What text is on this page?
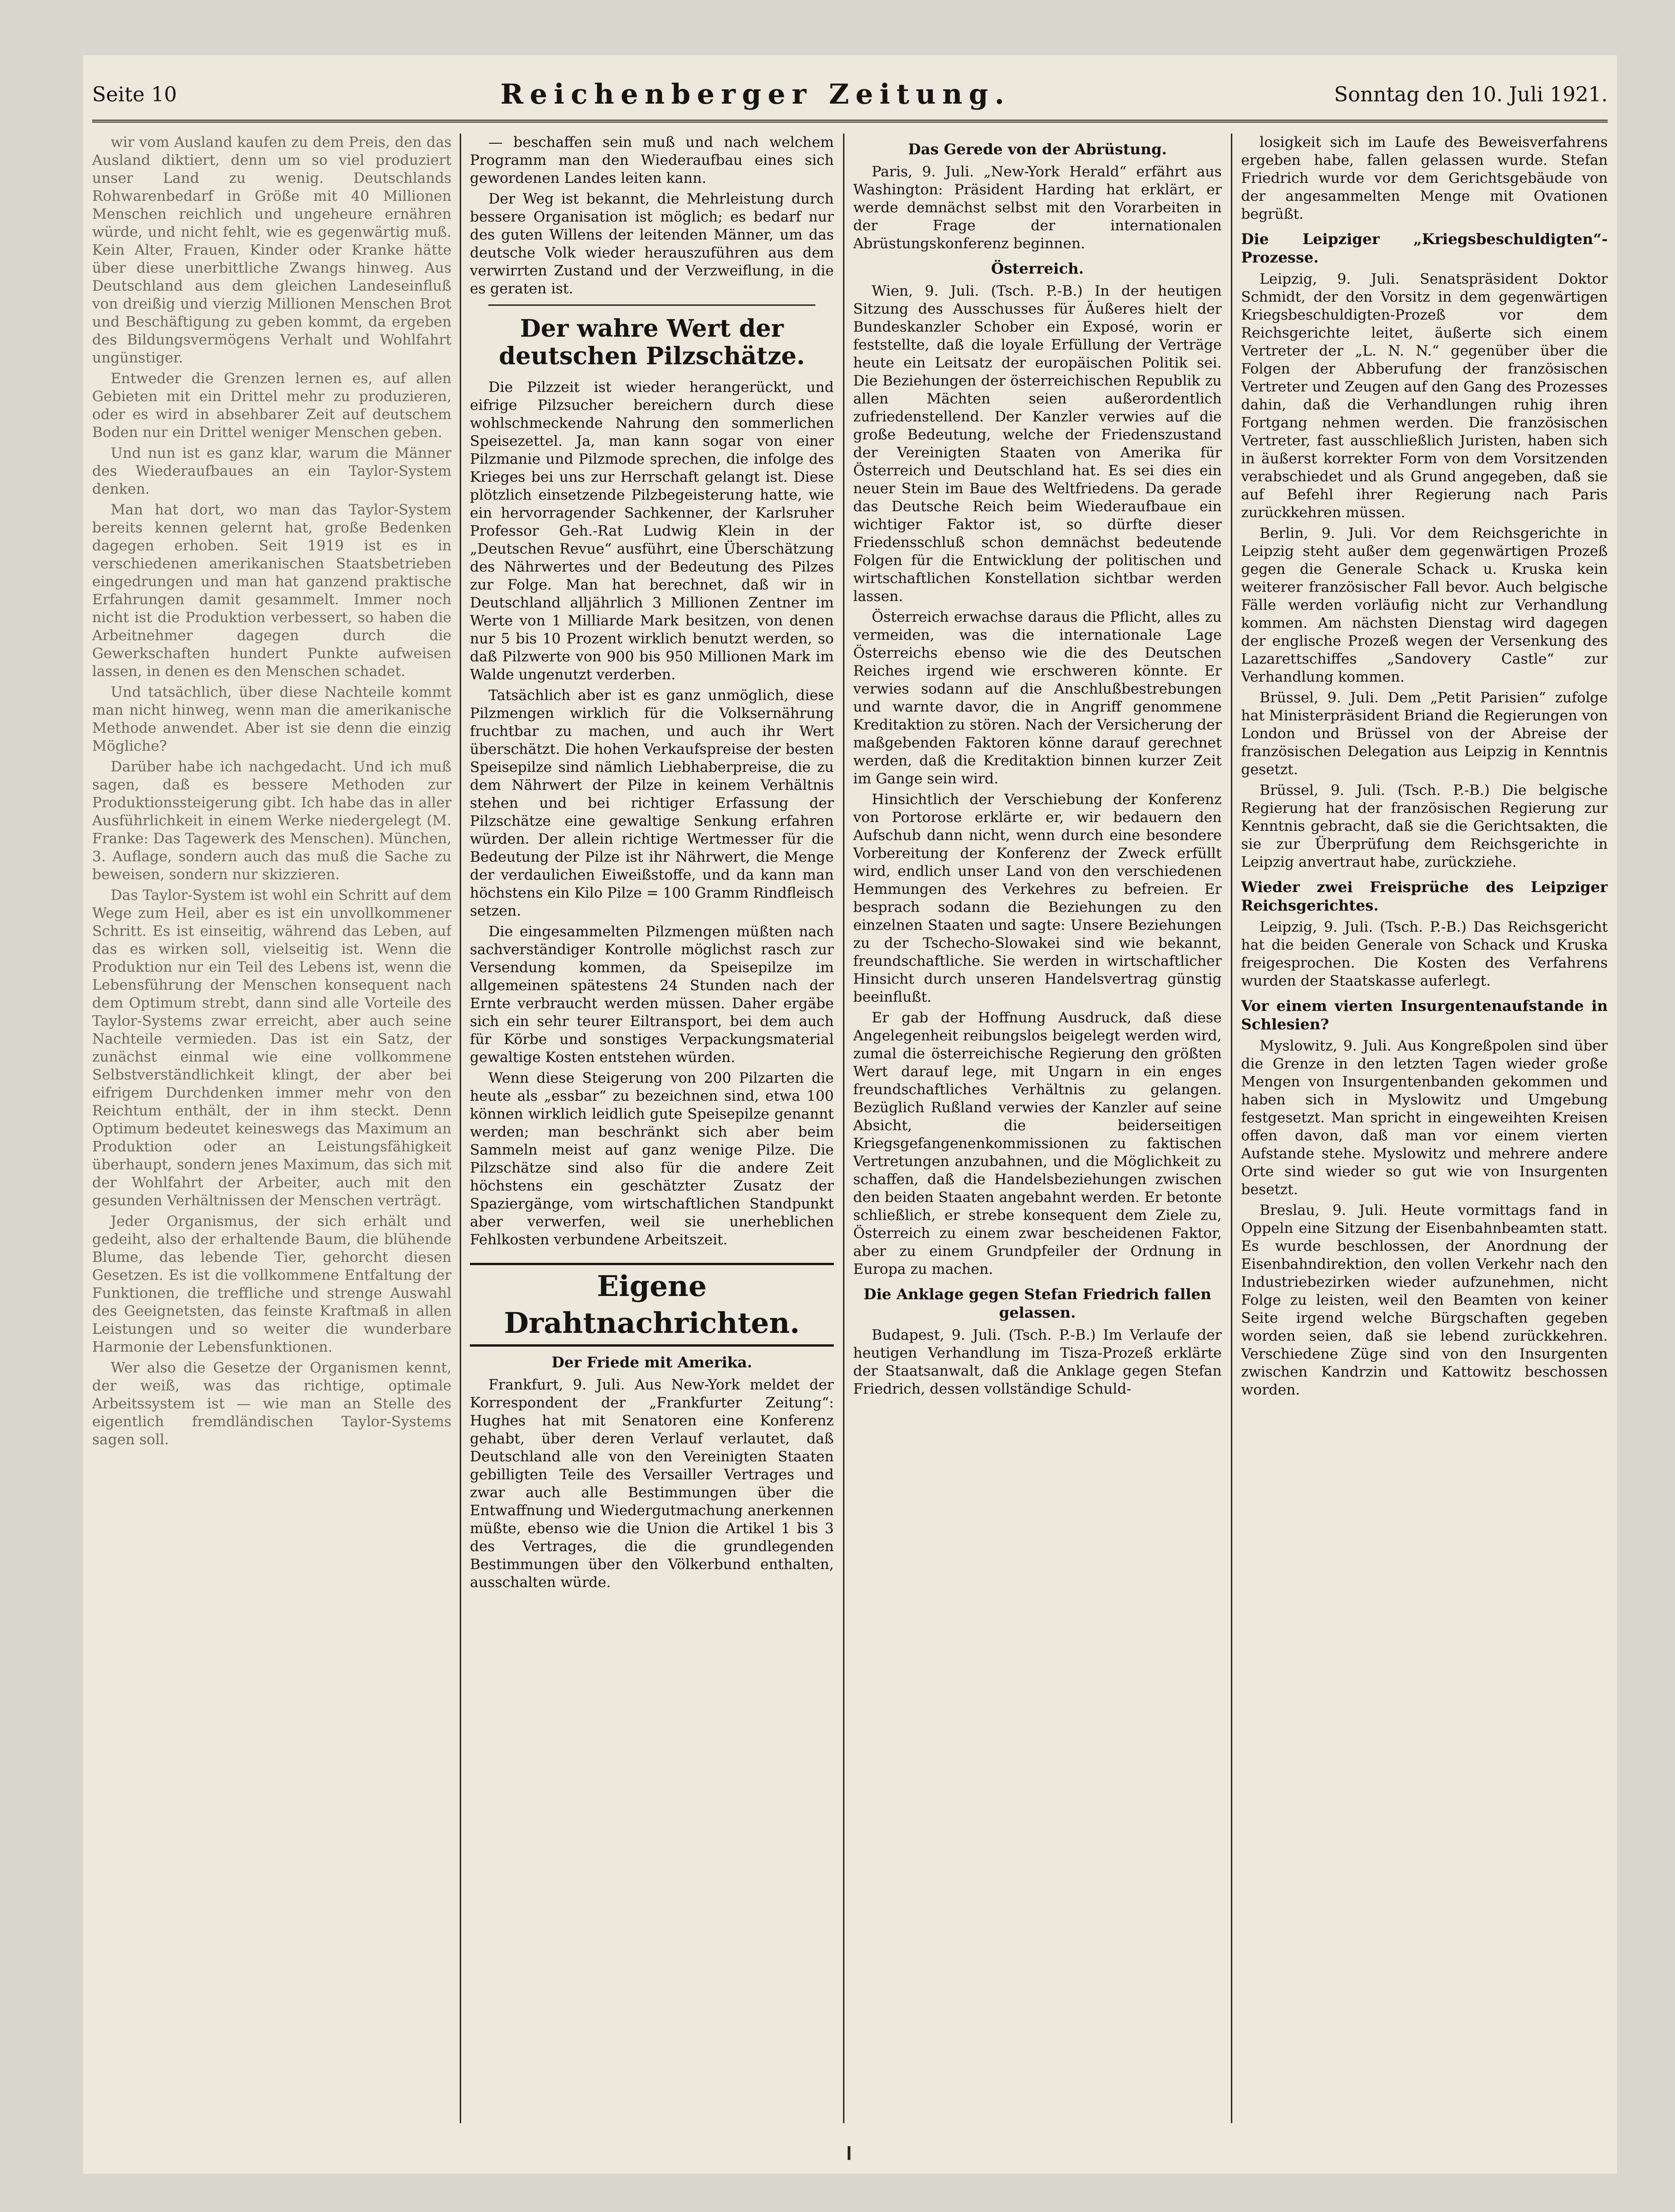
Seite 10	Reichenberger Zeitung.	Sonntag den 10. Juli 1921.

wir vom Ausland kaufen zu dem Preis, den das Ausland diktiert, denn um so viel produziert unser Land zu wenig. Deutschlands Rohwarenbedarf in Größe mit 40 Millionen Menschen reichlich und ungeheure ernähren würde, und nicht fehlt, wie es gegenwärtig muß. Kein Alter, Frauen, Kinder oder Kranke hätte über diese unerbittliche Zwangs hinweg. Aus Deutschland aus dem gleichen Landeseinfluß von dreißig und vierzig Millionen Menschen Brot und Beschäftigung zu geben kommt, da ergeben des Bildungsvermögens Verhalt und Wohlfahrt ungünstiger.

Entweder die Grenzen lernen es, auf allen Gebieten mit ein Drittel mehr zu produzieren, oder es wird in absehbarer Zeit auf deutschem Boden nur ein Drittel weniger Menschen geben.

Und nun ist es ganz klar, warum die Männer des Wiederaufbaues an ein Taylor-System denken.

Man hat dort, wo man das Taylor-System bereits kennen gelernt hat, große Bedenken dagegen erhoben. Seit 1919 ist es in verschiedenen amerikanischen Staatsbetrieben eingedrungen und man hat ganzend praktische Erfahrungen damit gesammelt. Immer noch nicht ist die Produktion verbessert, so haben die Arbeitnehmer dagegen durch die Gewerkschaften hundert Punkte aufweisen lassen, in denen es den Menschen schadet.

Und tatsächlich, über diese Nachteile kommt man nicht hinweg, wenn man die amerikanische Methode anwendet. Aber ist sie denn die einzig Mögliche?

Darüber habe ich nachgedacht. Und ich muß sagen, daß es bessere Methoden zur Produktionssteigerung gibt. Ich habe das in aller Ausführlichkeit in einem Werke niedergelegt (M. Franke: Das Tagewerk des Menschen). München, 3. Auflage, sondern auch das muß die Sache zu beweisen, sondern nur skizzieren.

Das Taylor-System ist wohl ein Schritt auf dem Wege zum Heil, aber es ist ein unvollkommener Schritt. Es ist einseitig, während das Leben, auf das es wirken soll, vielseitig ist. Wenn die Produktion nur ein Teil des Lebens ist, wenn die Lebensführung der Menschen konsequent nach dem Optimum strebt, dann sind alle Vorteile des Taylor-Systems zwar erreicht, aber auch seine Nachteile vermieden. Das ist ein Satz, der zunächst einmal wie eine vollkommene Selbstverständlichkeit klingt, der aber bei eifrigem Durchdenken immer mehr von den Reichtum enthält, der in ihm steckt. Denn Optimum bedeutet keineswegs das Maximum an Produktion oder an Leistungsfähigkeit überhaupt, sondern jenes Maximum, das sich mit der Wohlfahrt der Arbeiter, auch mit den gesunden Verhältnissen der Menschen verträgt.

Jeder Organismus, der sich erhält und gedeiht, also der erhaltende Baum, die blühende Blume, das lebende Tier, gehorcht diesen Gesetzen. Es ist die vollkommene Entfaltung der Funktionen, die treffliche und strenge Auswahl des Geeignetsten, das feinste Kraftmaß in allen Leistungen und so weiter die wunderbare Harmonie der Lebensfunktionen.

Wer also die Gesetze der Organismen kennt, der weiß, was das richtige, optimale Arbeitssystem ist — wie man an Stelle des eigentlich fremdländischen Taylor-Systems sagen soll.

— beschaffen sein muß und nach welchem Programm man den Wiederaufbau eines sich gewordenen Landes leiten kann.

Der Weg ist bekannt, die Mehrleistung durch bessere Organisation ist möglich; es bedarf nur des guten Willens der leitenden Männer, um das deutsche Volk wieder herauszuführen aus dem verwirrten Zustand und der Verzweiflung, in die es geraten ist.

Der wahre Wert der deutschen Pilzschätze.

Die Pilzzeit ist wieder herangerückt, und eifrige Pilzsucher bereichern durch diese wohlschmeckende Nahrung den sommerlichen Speisezettel. Ja, man kann sogar von einer Pilzmanie und Pilzmode sprechen, die infolge des Krieges bei uns zur Herrschaft gelangt ist. Diese plötzlich einsetzende Pilzbegeisterung hatte, wie ein hervorragender Sachkenner, der Karlsruher Professor Geh.-Rat Ludwig Klein in der „Deutschen Revue“ ausführt, eine Überschätzung des Nährwertes und der Bedeutung des Pilzes zur Folge. Man hat berechnet, daß wir in Deutschland alljährlich 3 Millionen Zentner im Werte von 1 Milliarde Mark besitzen, von denen nur 5 bis 10 Prozent wirklich benutzt werden, so daß Pilzwerte von 900 bis 950 Millionen Mark im Walde ungenutzt verderben.

Tatsächlich aber ist es ganz unmöglich, diese Pilzmengen wirklich für die Volksernährung fruchtbar zu machen, und auch ihr Wert überschätzt. Die hohen Verkaufspreise der besten Speisepilze sind nämlich Liebhaberpreise, die zu dem Nährwert der Pilze in keinem Verhältnis stehen und bei richtiger Erfassung der Pilzschätze eine gewaltige Senkung erfahren würden. Der allein richtige Wertmesser für die Bedeutung der Pilze ist ihr Nährwert, die Menge der verdaulichen Eiweißstoffe, und da kann man höchstens ein Kilo Pilze = 100 Gramm Rindfleisch setzen.

Die eingesammelten Pilzmengen müßten nach sachverständiger Kontrolle möglichst rasch zur Versendung kommen, da Speisepilze im allgemeinen spätestens 24 Stunden nach der Ernte verbraucht werden müssen. Daher ergäbe sich ein sehr teurer Eiltransport, bei dem auch für Körbe und sonstiges Verpackungsmaterial gewaltige Kosten entstehen würden.

Wenn diese Steigerung von 200 Pilzarten die heute als „essbar“ zu bezeichnen sind, etwa 100 können wirklich leidlich gute Speisepilze genannt werden; man beschränkt sich aber beim Sammeln meist auf ganz wenige Pilze. Die Pilzschätze sind also für die andere Zeit höchstens ein geschätzter Zusatz der Spaziergänge, vom wirtschaftlichen Standpunkt aber verwerfen, weil sie unerheblichen Fehlkosten verbundene Arbeitszeit.

Eigene Drahtnachrichten.
Der Friede mit Amerika.

Frankfurt, 9. Juli. Aus New-York meldet der Korrespondent der „Frankfurter Zeitung“: Hughes hat mit Senatoren eine Konferenz gehabt, über deren Verlauf verlautet, daß Deutschland alle von den Vereinigten Staaten gebilligten Teile des Versailler Vertrages und zwar auch alle Bestimmungen über die Entwaffnung und Wiedergutmachung anerkennen müßte, ebenso wie die Union die Artikel 1 bis 3 des Vertrages, die die grundlegenden Bestimmungen über den Völkerbund enthalten, ausschalten würde.

Das Gerede von der Abrüstung.

Paris, 9. Juli. „New-York Herald“ erfährt aus Washington: Präsident Harding hat erklärt, er werde demnächst selbst mit den Vorarbeiten in der Frage der internationalen Abrüstungskonferenz beginnen.

Österreich.

Wien, 9. Juli. (Tsch. P.-B.) In der heutigen Sitzung des Ausschusses für Äußeres hielt der Bundeskanzler Schober ein Exposé, worin er feststellte, daß die loyale Erfüllung der Verträge heute ein Leitsatz der europäischen Politik sei. Die Beziehungen der österreichischen Republik zu allen Mächten seien außerordentlich zufriedenstellend. Der Kanzler verwies auf die große Bedeutung, welche der Friedenszustand der Vereinigten Staaten von Amerika für Österreich und Deutschland hat. Es sei dies ein neuer Stein im Baue des Weltfriedens. Da gerade das Deutsche Reich beim Wiederaufbaue ein wichtiger Faktor ist, so dürfte dieser Friedensschluß schon demnächst bedeutende Folgen für die Entwicklung der politischen und wirtschaftlichen Konstellation sichtbar werden lassen.

Österreich erwachse daraus die Pflicht, alles zu vermeiden, was die internationale Lage Österreichs ebenso wie die des Deutschen Reiches irgend wie erschweren könnte. Er verwies sodann auf die Anschlußbestrebungen und warnte davor, die in Angriff genommene Kreditaktion zu stören. Nach der Versicherung der maßgebenden Faktoren könne darauf gerechnet werden, daß die Kreditaktion binnen kurzer Zeit im Gange sein wird.

Hinsichtlich der Verschiebung der Konferenz von Portorose erklärte er, wir bedauern den Aufschub dann nicht, wenn durch eine besondere Vorbereitung der Konferenz der Zweck erfüllt wird, endlich unser Land von den verschiedenen Hemmungen des Verkehres zu befreien. Er besprach sodann die Beziehungen zu den einzelnen Staaten und sagte: Unsere Beziehungen zu der Tschecho-Slowakei sind wie bekannt, freundschaftliche. Sie werden in wirtschaftlicher Hinsicht durch unseren Handelsvertrag günstig beeinflußt.

Er gab der Hoffnung Ausdruck, daß diese Angelegenheit reibungslos beigelegt werden wird, zumal die österreichische Regierung den größten Wert darauf lege, mit Ungarn in ein enges freundschaftliches Verhältnis zu gelangen. Bezüglich Rußland verwies der Kanzler auf seine Absicht, die beiderseitigen Kriegsgefangenenkommissionen zu faktischen Vertretungen anzubahnen, und die Möglichkeit zu schaffen, daß die Handelsbeziehungen zwischen den beiden Staaten angebahnt werden. Er betonte schließlich, er strebe konsequent dem Ziele zu, Österreich zu einem zwar bescheidenen Faktor, aber zu einem Grundpfeiler der Ordnung in Europa zu machen.

Die Anklage gegen Stefan Friedrich fallen gelassen.

Budapest, 9. Juli. (Tsch. P.-B.) Im Verlaufe der heutigen Verhandlung im Tisza-Prozeß erklärte der Staatsanwalt, daß die Anklage gegen Stefan Friedrich, dessen vollständige Schuld-

losigkeit sich im Laufe des Beweisverfahrens ergeben habe, fallen gelassen wurde. Stefan Friedrich wurde vor dem Gerichtsgebäude von der angesammelten Menge mit Ovationen begrüßt.

Die Leipziger „Kriegsbeschuldigten“-Prozesse.

Leipzig, 9. Juli. Senatspräsident Doktor Schmidt, der den Vorsitz in dem gegenwärtigen Kriegsbeschuldigten-Prozeß vor dem Reichsgerichte leitet, äußerte sich einem Vertreter der „L. N. N.“ gegenüber über die Folgen der Abberufung der französischen Vertreter und Zeugen auf den Gang des Prozesses dahin, daß die Verhandlungen ruhig ihren Fortgang nehmen werden. Die französischen Vertreter, fast ausschließlich Juristen, haben sich in äußerst korrekter Form von dem Vorsitzenden verabschiedet und als Grund angegeben, daß sie auf Befehl ihrer Regierung nach Paris zurückkehren müssen.

Berlin, 9. Juli. Vor dem Reichsgerichte in Leipzig steht außer dem gegenwärtigen Prozeß gegen die Generale Schack u. Kruska kein weiterer französischer Fall bevor. Auch belgische Fälle werden vorläufig nicht zur Verhandlung kommen. Am nächsten Dienstag wird dagegen der englische Prozeß wegen der Versenkung des Lazarettschiffes „Sandovery Castle“ zur Verhandlung kommen.

Brüssel, 9. Juli. Dem „Petit Parisien“ zufolge hat Ministerpräsident Briand die Regierungen von London und Brüssel von der Abreise der französischen Delegation aus Leipzig in Kenntnis gesetzt.

Brüssel, 9. Juli. (Tsch. P.-B.) Die belgische Regierung hat der französischen Regierung zur Kenntnis gebracht, daß sie die Gerichtsakten, die sie zur Überprüfung dem Reichsgerichte in Leipzig anvertraut habe, zurückziehe.

Wieder zwei Freisprüche des Leipziger Reichsgerichtes.

Leipzig, 9. Juli. (Tsch. P.-B.) Das Reichsgericht hat die beiden Generale von Schack und Kruska freigesprochen. Die Kosten des Verfahrens wurden der Staatskasse auferlegt.

Vor einem vierten Insurgentenaufstande in Schlesien?

Myslowitz, 9. Juli. Aus Kongreßpolen sind über die Grenze in den letzten Tagen wieder große Mengen von Insurgentenbanden gekommen und haben sich in Myslowitz und Umgebung festgesetzt. Man spricht in eingeweihten Kreisen offen davon, daß man vor einem vierten Aufstande stehe. Myslowitz und mehrere andere Orte sind wieder so gut wie von Insurgenten besetzt.

Breslau, 9. Juli. Heute vormittags fand in Oppeln eine Sitzung der Eisenbahnbeamten statt. Es wurde beschlossen, der Anordnung der Eisenbahndirektion, den vollen Verkehr nach den Industriebezirken wieder aufzunehmen, nicht Folge zu leisten, weil den Beamten von keiner Seite irgend welche Bürgschaften gegeben worden seien, daß sie lebend zurückkehren. Verschiedene Züge sind von den Insurgenten zwischen Kandrzin und Kattowitz beschossen worden.
